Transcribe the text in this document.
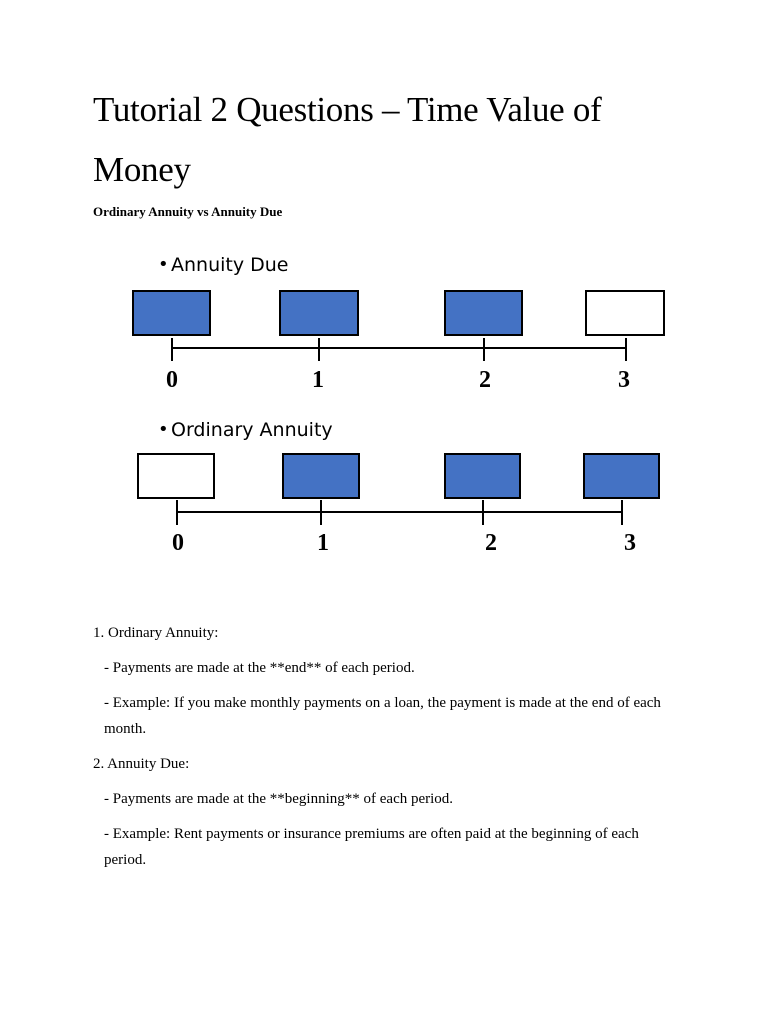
Tutorial 2 Questions – Time Value of Money
Ordinary Annuity vs Annuity Due
• Annuity Due
0	1	2	3
• Ordinary Annuity
0	1	2	3

1. Ordinary Annuity:

- Payments are made at the **end** of each period.

- Example: If you make monthly payments on a loan, the payment is made at the end of each month.

2. Annuity Due:

- Payments are made at the **beginning** of each period.

- Example: Rent payments or insurance premiums are often paid at the beginning of each period.
